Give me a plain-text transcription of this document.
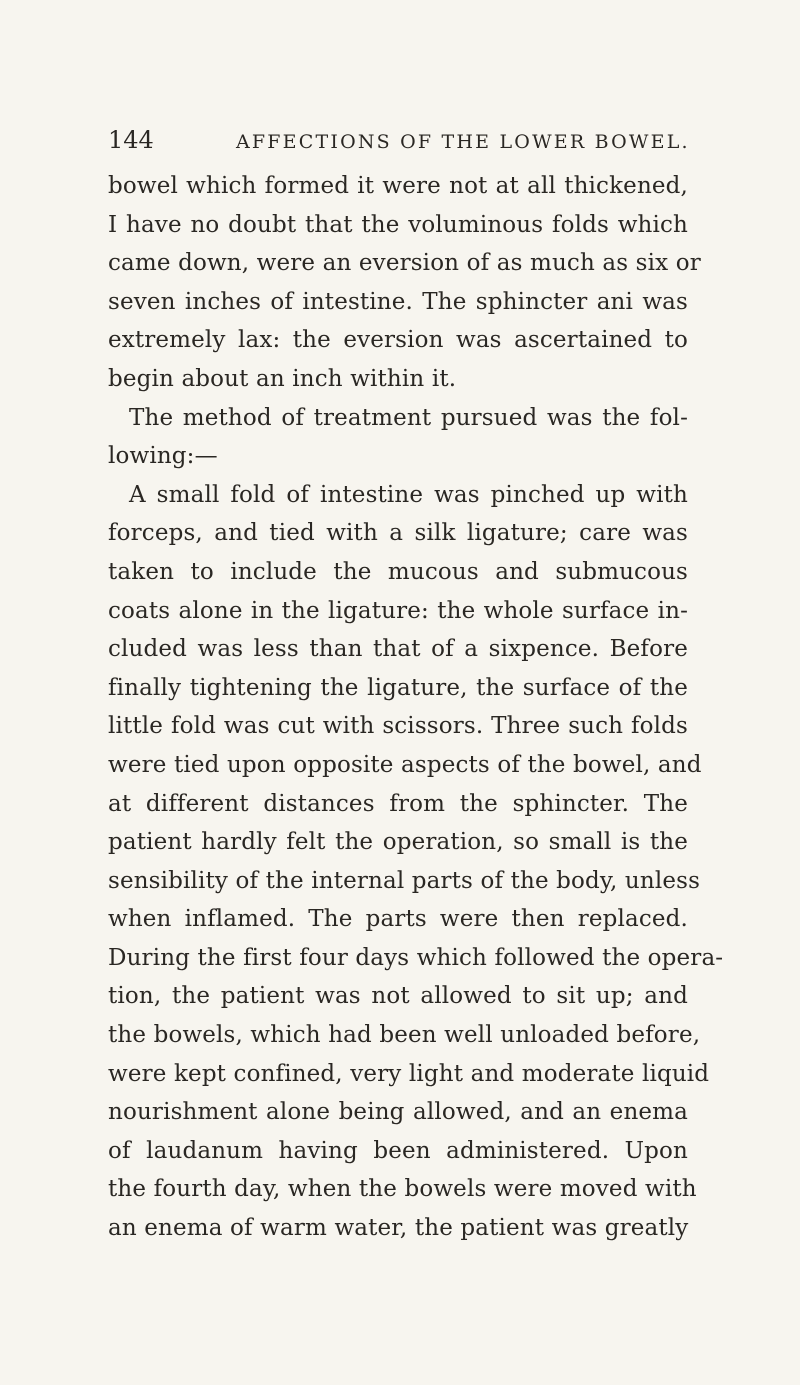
144	AFFECTIONS OF THE LOWER BOWEL.
bowel which formed it were not at all thickened,
I have no doubt that the voluminous folds which
came down, were an eversion of as much as six or
seven inches of intestine. The sphincter ani was
extremely lax: the eversion was ascertained to
begin about an inch within it.
The method of treatment pursued was the fol-
lowing:—
A small fold of intestine was pinched up with
forceps, and tied with a silk ligature; care was
taken to include the mucous and submucous
coats alone in the ligature: the whole surface in-
cluded was less than that of a sixpence. Before
finally tightening the ligature, the surface of the
little fold was cut with scissors. Three such folds
were tied upon opposite aspects of the bowel, and
at different distances from the sphincter. The
patient hardly felt the operation, so small is the
sensibility of the internal parts of the body, unless
when inflamed. The parts were then replaced.
During the first four days which followed the opera-
tion, the patient was not allowed to sit up; and
the bowels, which had been well unloaded before,
were kept confined, very light and moderate liquid
nourishment alone being allowed, and an enema
of laudanum having been administered. Upon
the fourth day, when the bowels were moved with
an enema of warm water, the patient was greatly
